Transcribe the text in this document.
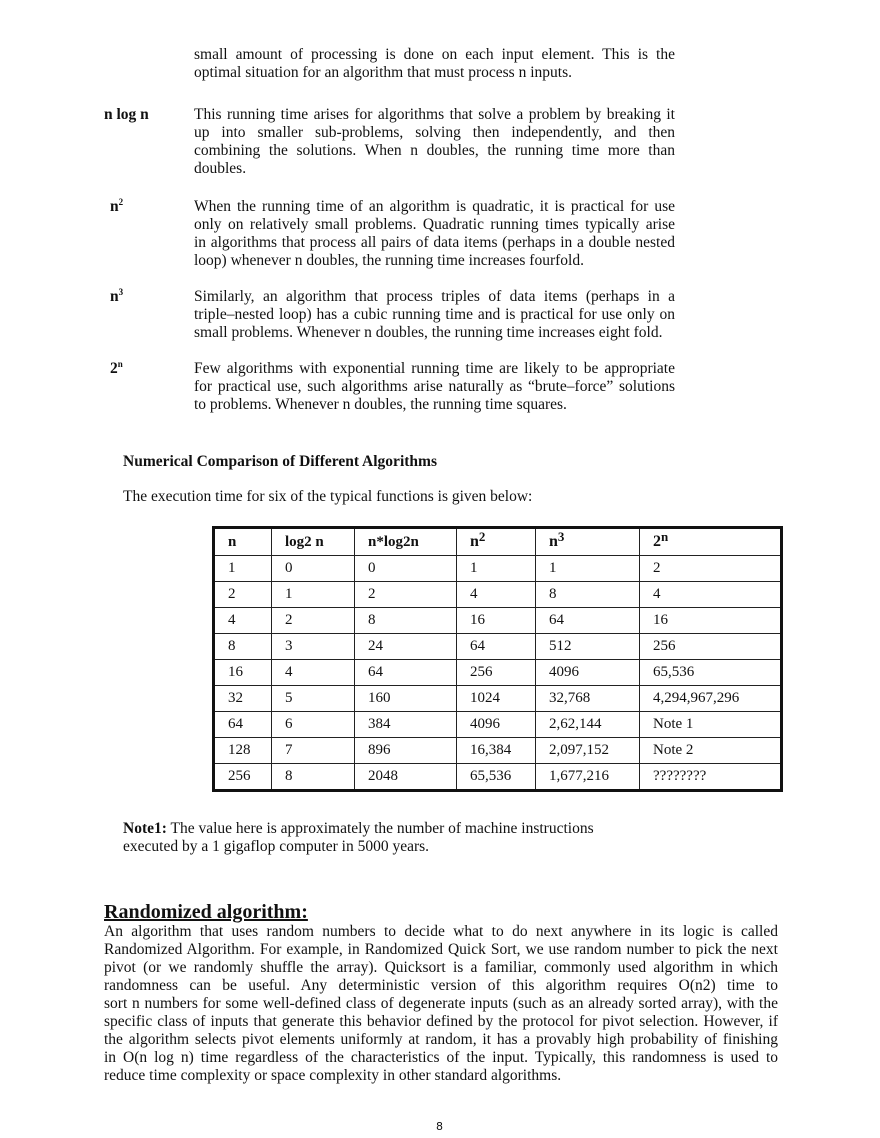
small amount of processing is done on each input element. This is the
optimal situation for an algorithm that must process n inputs.
n log n	This running time arises for algorithms that solve a problem by breaking it
up into smaller sub-problems, solving then independently, and then
combining the solutions. When n doubles, the running time more than
doubles.
$n^2$	When the running time of an algorithm is quadratic, it is practical for use
only on relatively small problems. Quadratic running times typically arise
in algorithms that process all pairs of data items (perhaps in a double nested
loop) whenever n doubles, the running time increases fourfold.
$n^3$	Similarly, an algorithm that process triples of data items (perhaps in a
triple–nested loop) has a cubic running time and is practical for use only on
small problems. Whenever n doubles, the running time increases eight fold.
2$^n$	Few algorithms with exponential running time are likely to be appropriate
for practical use, such algorithms arise naturally as “brute–force” solutions
to problems. Whenever n doubles, the running time squares.
Numerical Comparison of Different Algorithms
The execution time for six of the typical functions is given below:
n	log2 n	n*log2n	$n^2$	$n^3$	2$^n$
1	0	0	1	1	2
2	1	2	4	8	4
4	2	8	16	64	16
8	3	24	64	512	256
16	4	64	256	4096	65,536
32	5	160	1024	32,768	4,294,967,296
64	6	384	4096	2,62,144	Note 1
128	7	896	16,384	2,097,152	Note 2
256	8	2048	65,536	1,677,216	????????
Note1: The value here is approximately the number of machine instructions
executed by a 1 gigaflop computer in 5000 years.
Randomized algorithm:
An algorithm that uses random numbers to decide what to do next anywhere in its logic is called
Randomized Algorithm. For example, in Randomized Quick Sort, we use random number to pick the next
pivot (or we randomly shuffle the array). Quicksort is a familiar, commonly used algorithm in which
randomness can be useful. Any deterministic version of this algorithm requires O(n2) time to
sort n numbers for some well-defined class of degenerate inputs (such as an already sorted array), with the
specific class of inputs that generate this behavior defined by the protocol for pivot selection. However, if
the algorithm selects pivot elements uniformly at random, it has a provably high probability of finishing
in O(n log n) time regardless of the characteristics of the input. Typically, this randomness is used to
reduce time complexity or space complexity in other standard algorithms.
8
